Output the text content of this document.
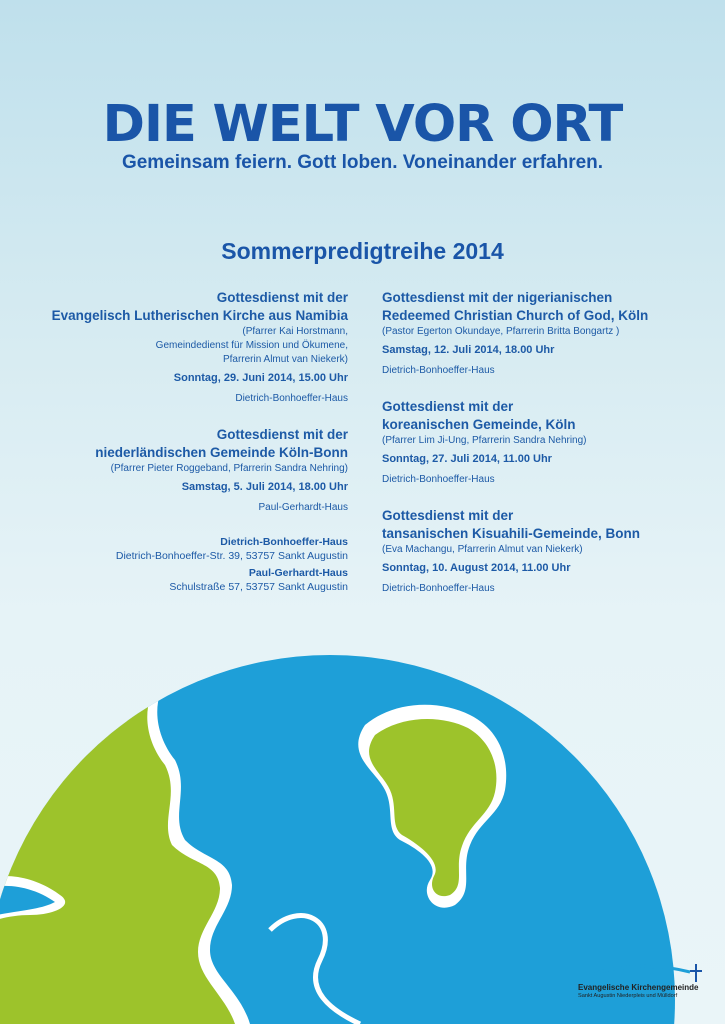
DIE WELT VOR ORT
Gemeinsam feiern. Gott loben. Voneinander erfahren.
Sommerpredigtreihe 2014
Gottesdienst mit der
Evangelisch Lutherischen Kirche aus Namibia
(Pfarrer Kai Horstmann,
Gemeindedienst für Mission und Ökumene,
Pfarrerin Almut van Niekerk)
Sonntag, 29. Juni 2014, 15.00 Uhr
Dietrich-Bonhoeffer-Haus
Gottesdienst mit der
niederländischen Gemeinde Köln-Bonn
(Pfarrer Pieter Roggeband, Pfarrerin Sandra Nehring)
Samstag, 5. Juli 2014, 18.00 Uhr
Paul-Gerhardt-Haus
Dietrich-Bonhoeffer-Haus
Dietrich-Bonhoeffer-Str. 39, 53757 Sankt Augustin
Paul-Gerhardt-Haus
Schulstraße 57, 53757 Sankt Augustin
Gottesdienst mit der nigerianischen
Redeemed Christian Church of God, Köln
(Pastor Egerton Okundaye, Pfarrerin Britta Bongartz )
Samstag, 12. Juli 2014, 18.00 Uhr
Dietrich-Bonhoeffer-Haus
Gottesdienst mit der
koreanischen Gemeinde, Köln
(Pfarrer Lim Ji-Ung, Pfarrerin Sandra Nehring)
Sonntag, 27. Juli 2014, 11.00 Uhr
Dietrich-Bonhoeffer-Haus
Gottesdienst mit der
tansanischen Kisuahili-Gemeinde, Bonn
(Eva Machangu, Pfarrerin Almut van Niekerk)
Sonntag, 10. August 2014, 11.00 Uhr
Dietrich-Bonhoeffer-Haus
Evangelische Kirchengemeinde
Sankt Augustin Niederpleis und Mülldorf
